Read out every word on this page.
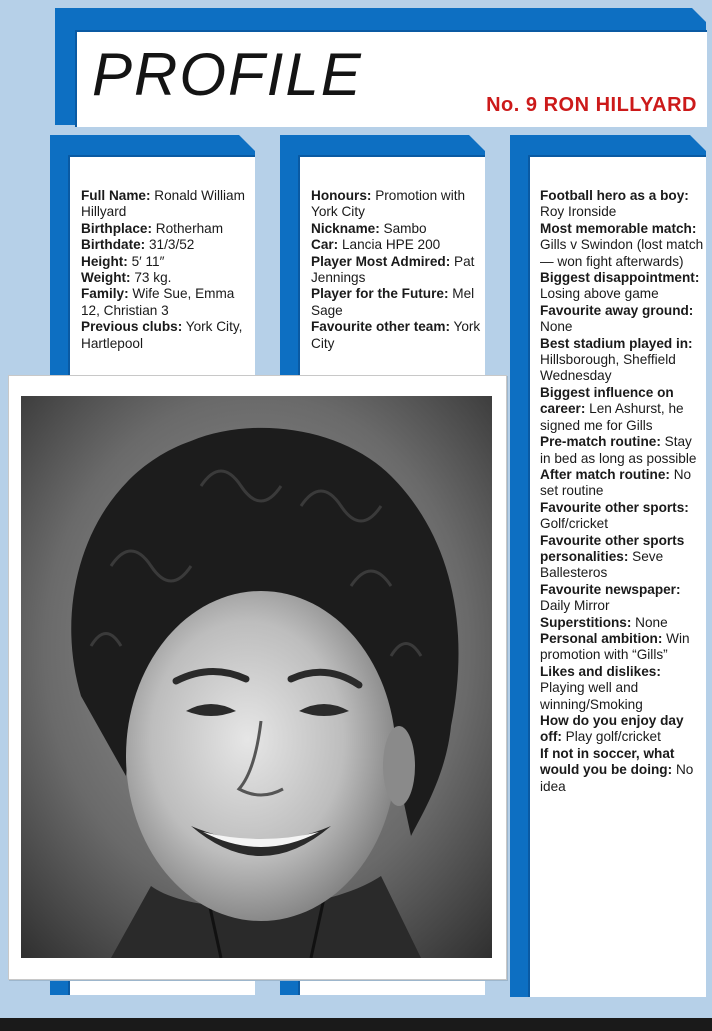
PROFILE	No. 9 RON HILLYARD
Full Name: Ronald William Hillyard
Birthplace: Rotherham
Birthdate: 31/3/52
Height: 5′ 11″
Weight: 73 kg.
Family: Wife Sue, Emma 12, Christian 3
Previous clubs: York City, Hartlepool
Honours: Promotion with York City
Nickname: Sambo
Car: Lancia HPE 200
Player Most Admired: Pat Jennings
Player for the Future: Mel Sage
Favourite other team: York City
Football hero as a boy: Roy Ironside
Most memorable match: Gills v Swindon (lost match — won fight afterwards)
Biggest disappointment: Losing above game
Favourite away ground: None
Best stadium played in: Hillsborough, Sheffield Wednesday
Biggest influence on career: Len Ashurst, he signed me for Gills
Pre-match routine: Stay in bed as long as possible
After match routine: No set routine
Favourite other sports: Golf/cricket
Favourite other sports personalities: Seve Ballesteros
Favourite newspaper: Daily Mirror
Superstitions: None
Personal ambition: Win promotion with “Gills”
Likes and dislikes: Playing well and winning/Smoking
How do you enjoy day off: Play golf/cricket
If not in soccer, what would you be doing: No idea
